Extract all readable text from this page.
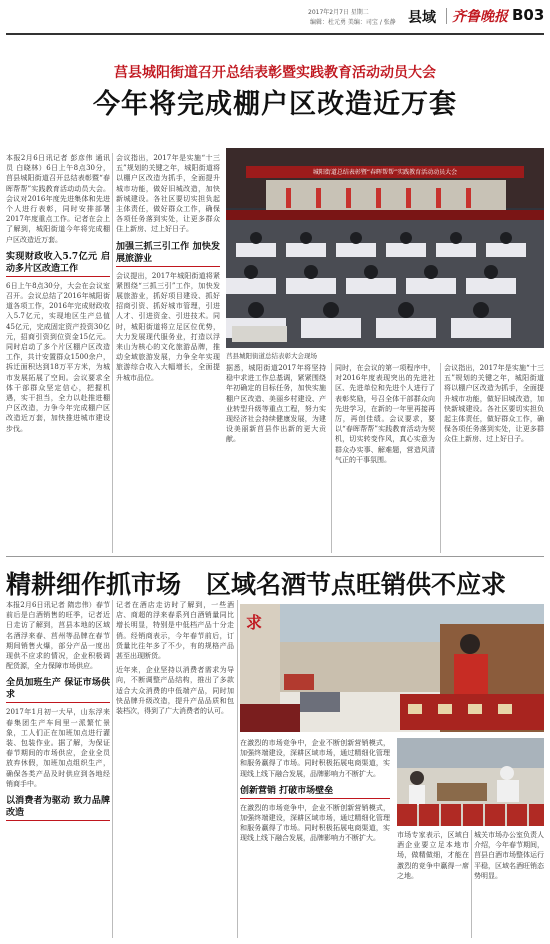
2017年2月7日 星期二
编辑：杜元勇 美编：司宝 / 张静 县域 齐鲁晚报 B03
莒县城阳街道召开总结表彰暨实践教育活动动员大会
今年将完成棚户区改造近万套
本报2月6日讯记者 彭彦伟 通讯员 白晓林）6日上午8点30分，莒县城阳街道召开总结表彰暨“春晖帮帮”实践教育活动动员大会。会议对2016年度先进集体和先进个人进行表彰，同时安排部署2017年度重点工作。记者在会上了解到，城阳街道今年将完成棚户区改造近万套。
实现财政收入5.7亿元 启动多片区改造工作
6日上午8点30分，大会在会议室召开。会议总结了2016年城阳街道各项工作，2016年完成财政收入5.7亿元，实现地区生产总值45亿元，完成固定资产投资30亿元，招商引资到位资金15亿元。同时启动了多个片区棚户区改造工作，共计安置群众1500余户，拆迁面积达到18万平方米，为城市发展拓展了空间。会议要求全体干部群众坚定信心，把握机遇，实干担当，全力以赴推进棚户区改造，力争今年完成棚户区改造近万套，加快推进城市建设步伐。
会议指出，2017年是实施“十三五”规划的关键之年，城阳街道将以棚户区改造为抓手，全面提升城市功能，做好旧城改造，加快新城建设。各社区要切实担负起主体责任，做好群众工作，确保各项任务落到实处，让更多群众住上新房、过上好日子。
加强三抓三引工作 加快发展旅游业
会议提出，2017年城阳街道将紧紧围绕“三抓三引”工作，加快发展旅游业，抓好项目建设、抓好招商引资、抓好城市管理，引进人才、引进资金、引进技术。同时，城阳街道将立足区位优势，大力发展现代服务业，打造以浮来山为核心的文化旅游品牌，推动全域旅游发展，力争全年实现旅游综合收入大幅增长，全面提升城市品位。
城阳街道总结表彰暨“春晖帮帮”实践教育活动动员大会
莒县城阳街道总结表彰大会现场
据悉，城阳街道2017年将坚持稳中求进工作总基调，紧紧围绕年初确定的目标任务，加快实施棚户区改造、美丽乡村建设、产业转型升级等重点工程，努力实现经济社会持续健康发展，为建设美丽新莒县作出新的更大贡献。
同时，在会议的第一项程序中，对2016年度表现突出的先进社区、先进单位和先进个人进行了表彰奖励，号召全体干部群众向先进学习，在新的一年里再接再厉，再创佳绩。会议要求，要以“春晖帮帮”实践教育活动为契机，切实转变作风，真心实意为群众办实事、解难题，营造风清气正的干事氛围。
会议指出，2017年是实施“十三五”规划的关键之年，城阳街道将以棚户区改造为抓手，全面提升城市功能，做好旧城改造，加快新城建设。各社区要切实担负起主体责任，做好群众工作，确保各项任务落到实处，让更多群众住上新房、过上好日子。
精耕细作抓市场　区域名酒节点旺销供不应求
本报2月6日讯记者 隋忠伟）春节前后是白酒销售的旺季，记者近日走访了解到，莒县本地的区域名酒浮来春、莒州等品牌在春节期间销售火爆，部分产品一度出现供不应求的情况，企业积极调配货源，全力保障市场供应。
全员加班生产 保证市场供求
2017年1月初一大早，山东浮来春集团生产车间里一派繁忙景象，工人们正在加班加点进行灌装、包装作业。据了解，为保证春节期间的市场供应，企业全员放弃休假，加班加点组织生产，确保各类产品及时供应到各地经销商手中。
以消费者为驱动 致力品牌改造
记者在酒店走访时了解到，一些酒店、商超的浮来春系列白酒销量同比增长明显，特别是中低档产品十分走俏。经销商表示，今年春节前后，订货量比往年多了不少，有的规格产品甚至出现断货。
近年来，企业坚持以消费者需求为导向，不断调整产品结构，推出了多款适合大众消费的中低端产品，同时加快品牌升级改造，提升产品品质和包装档次，得到了广大消费者的认可。
求
在激烈的市场竞争中，企业不断创新营销模式，加强终端建设，深耕区域市场，通过精细化管理和服务赢得了市场。同时积极拓展电商渠道，实现线上线下融合发展，品牌影响力不断扩大。
创新营销 打破市场壁垒
在激烈的市场竞争中，企业不断创新营销模式，加强终端建设，深耕区域市场，通过精细化管理和服务赢得了市场。同时积极拓展电商渠道，实现线上线下融合发展，品牌影响力不断扩大。	市场专家表示，区域白酒企业要立足本地市场，做精做细，才能在激烈的竞争中赢得一席之地。
城关市场办公室负责人介绍，今年春节期间，莒县白酒市场整体运行平稳，区域名酒旺销态势明显。
